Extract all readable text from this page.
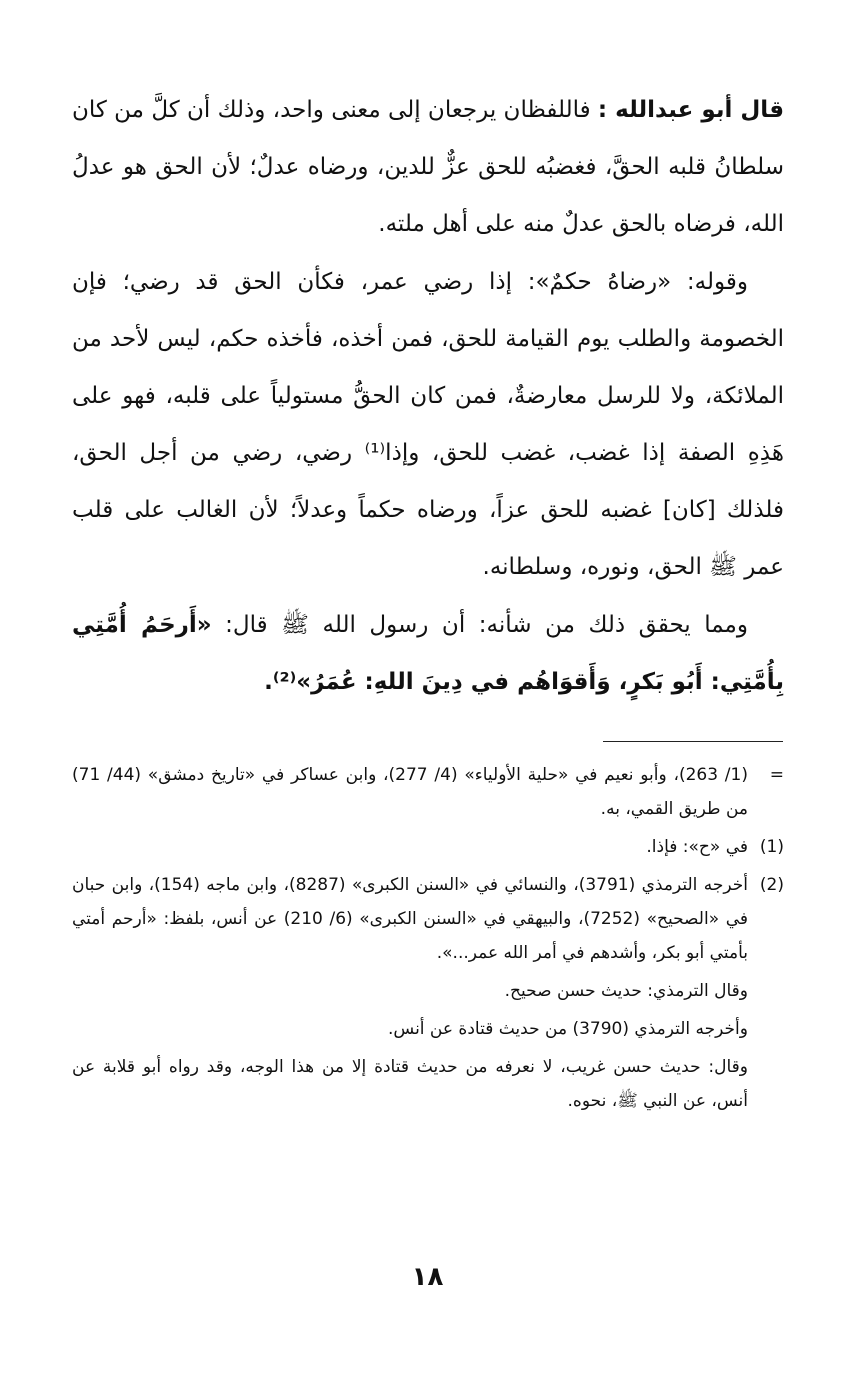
قال أبو عبدالله : فاللفظان يرجعان إلى معنى واحد، وذلك أن كلَّ من كان سلطانُ قلبه الحقَّ، فغضبُه للحق عزٌّ للدين، ورضاه عدلٌ؛ لأن الحق هو عدلُ الله، فرضاه بالحق عدلٌ منه على أهل ملته.

وقوله: «رضاهُ حكمٌ»: إذا رضي عمر، فكأن الحق قد رضي؛ فإن الخصومة والطلب يوم القيامة للحق، فمن أخذه، فأخذه حكم، ليس لأحد من الملائكة، ولا للرسل معارضةٌ، فمن كان الحقُّ مستولياً على قلبه، فهو على هَذِهِ الصفة إذا غضب، غضب للحق، وإذا⁽¹⁾ رضي، رضي من أجل الحق، فلذلك [كان] غضبه للحق عزاً، ورضاه حكماً وعدلاً؛ لأن الغالب على قلب عمر ﷺ الحق، ونوره، وسلطانه.

ومما يحقق ذلك من شأنه: أن رسول الله ﷺ قال: «أَرحَمُ أُمَّتِي بِأُمَّتِي: أَبُو بَكرٍ، وَأَقوَاهُم في دِينَ اللهِ: عُمَرُ»⁽²⁾.

=

(1/ 263)، وأبو نعيم في «حلية الأولياء» (4/ 277)، وابن عساكر في «تاريخ دمشق» (44/ 71) من طريق القمي، به.

(1)

في «ح»: فإذا.

(2)

أخرجه الترمذي (3791)، والنسائي في «السنن الكبرى» (8287)، وابن ماجه (154)، وابن حبان في «الصحيح» (7252)، والبيهقي في «السنن الكبرى» (6/ 210) عن أنس، بلفظ: «أرحم أمتي بأمتي أبو بكر، وأشدهم في أمر الله عمر...».

وقال الترمذي: حديث حسن صحيح.

وأخرجه الترمذي (3790) من حديث قتادة عن أنس.

وقال: حديث حسن غريب، لا نعرفه من حديث قتادة إلا من هذا الوجه، وقد رواه أبو قلابة عن أنس، عن النبي ﷺ، نحوه.

١٨
